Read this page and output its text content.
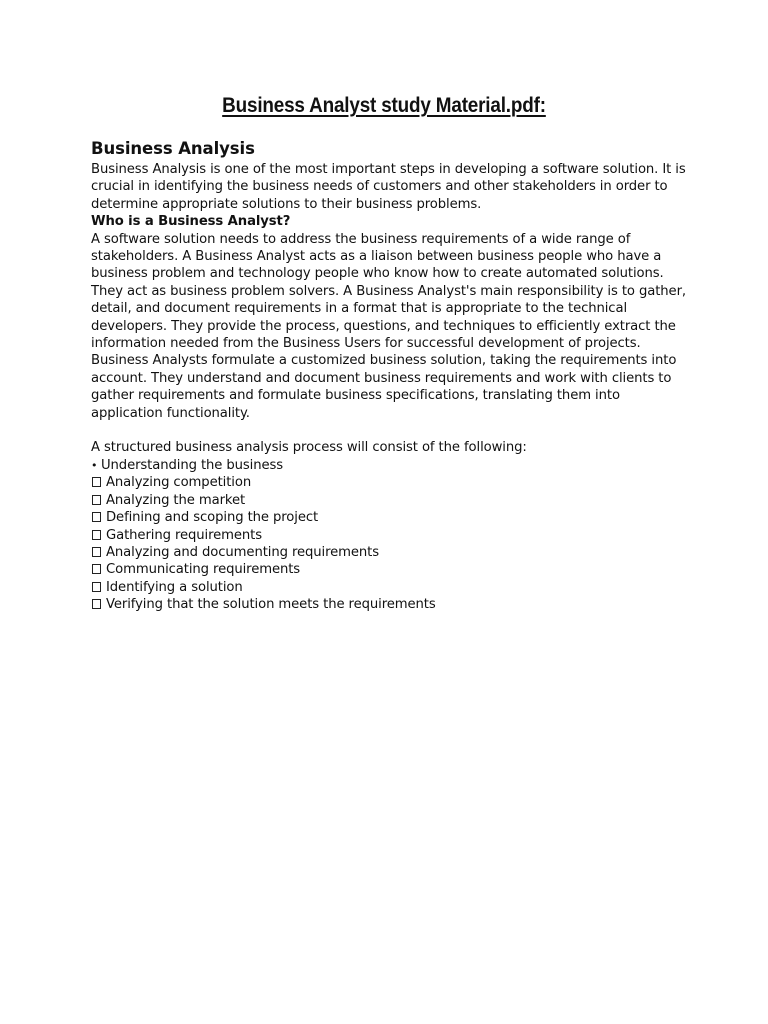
Business Analyst study Material.pdf:
Business Analysis

Business Analysis is one of the most important steps in developing a software solution. It is crucial in identifying the business needs of customers and other stakeholders in order to determine appropriate solutions to their business problems.

Who is a Business Analyst?

A software solution needs to address the business requirements of a wide range of stakeholders. A Business Analyst acts as a liaison between business people who have a business problem and technology people who know how to create automated solutions. They act as business problem solvers. A Business Analyst's main responsibility is to gather, detail, and document requirements in a format that is appropriate to the technical developers. They provide the process, questions, and techniques to efficiently extract the information needed from the Business Users for successful development of projects.

Business Analysts formulate a customized business solution, taking the requirements into account. They understand and document business requirements and work with clients to gather requirements and formulate business specifications, translating them into application functionality.

A structured business analysis process will consist of the following:

• Understanding the business
Analyzing competition
Analyzing the market
Defining and scoping the project
Gathering requirements
Analyzing and documenting requirements
Communicating requirements
Identifying a solution
Verifying that the solution meets the requirements
